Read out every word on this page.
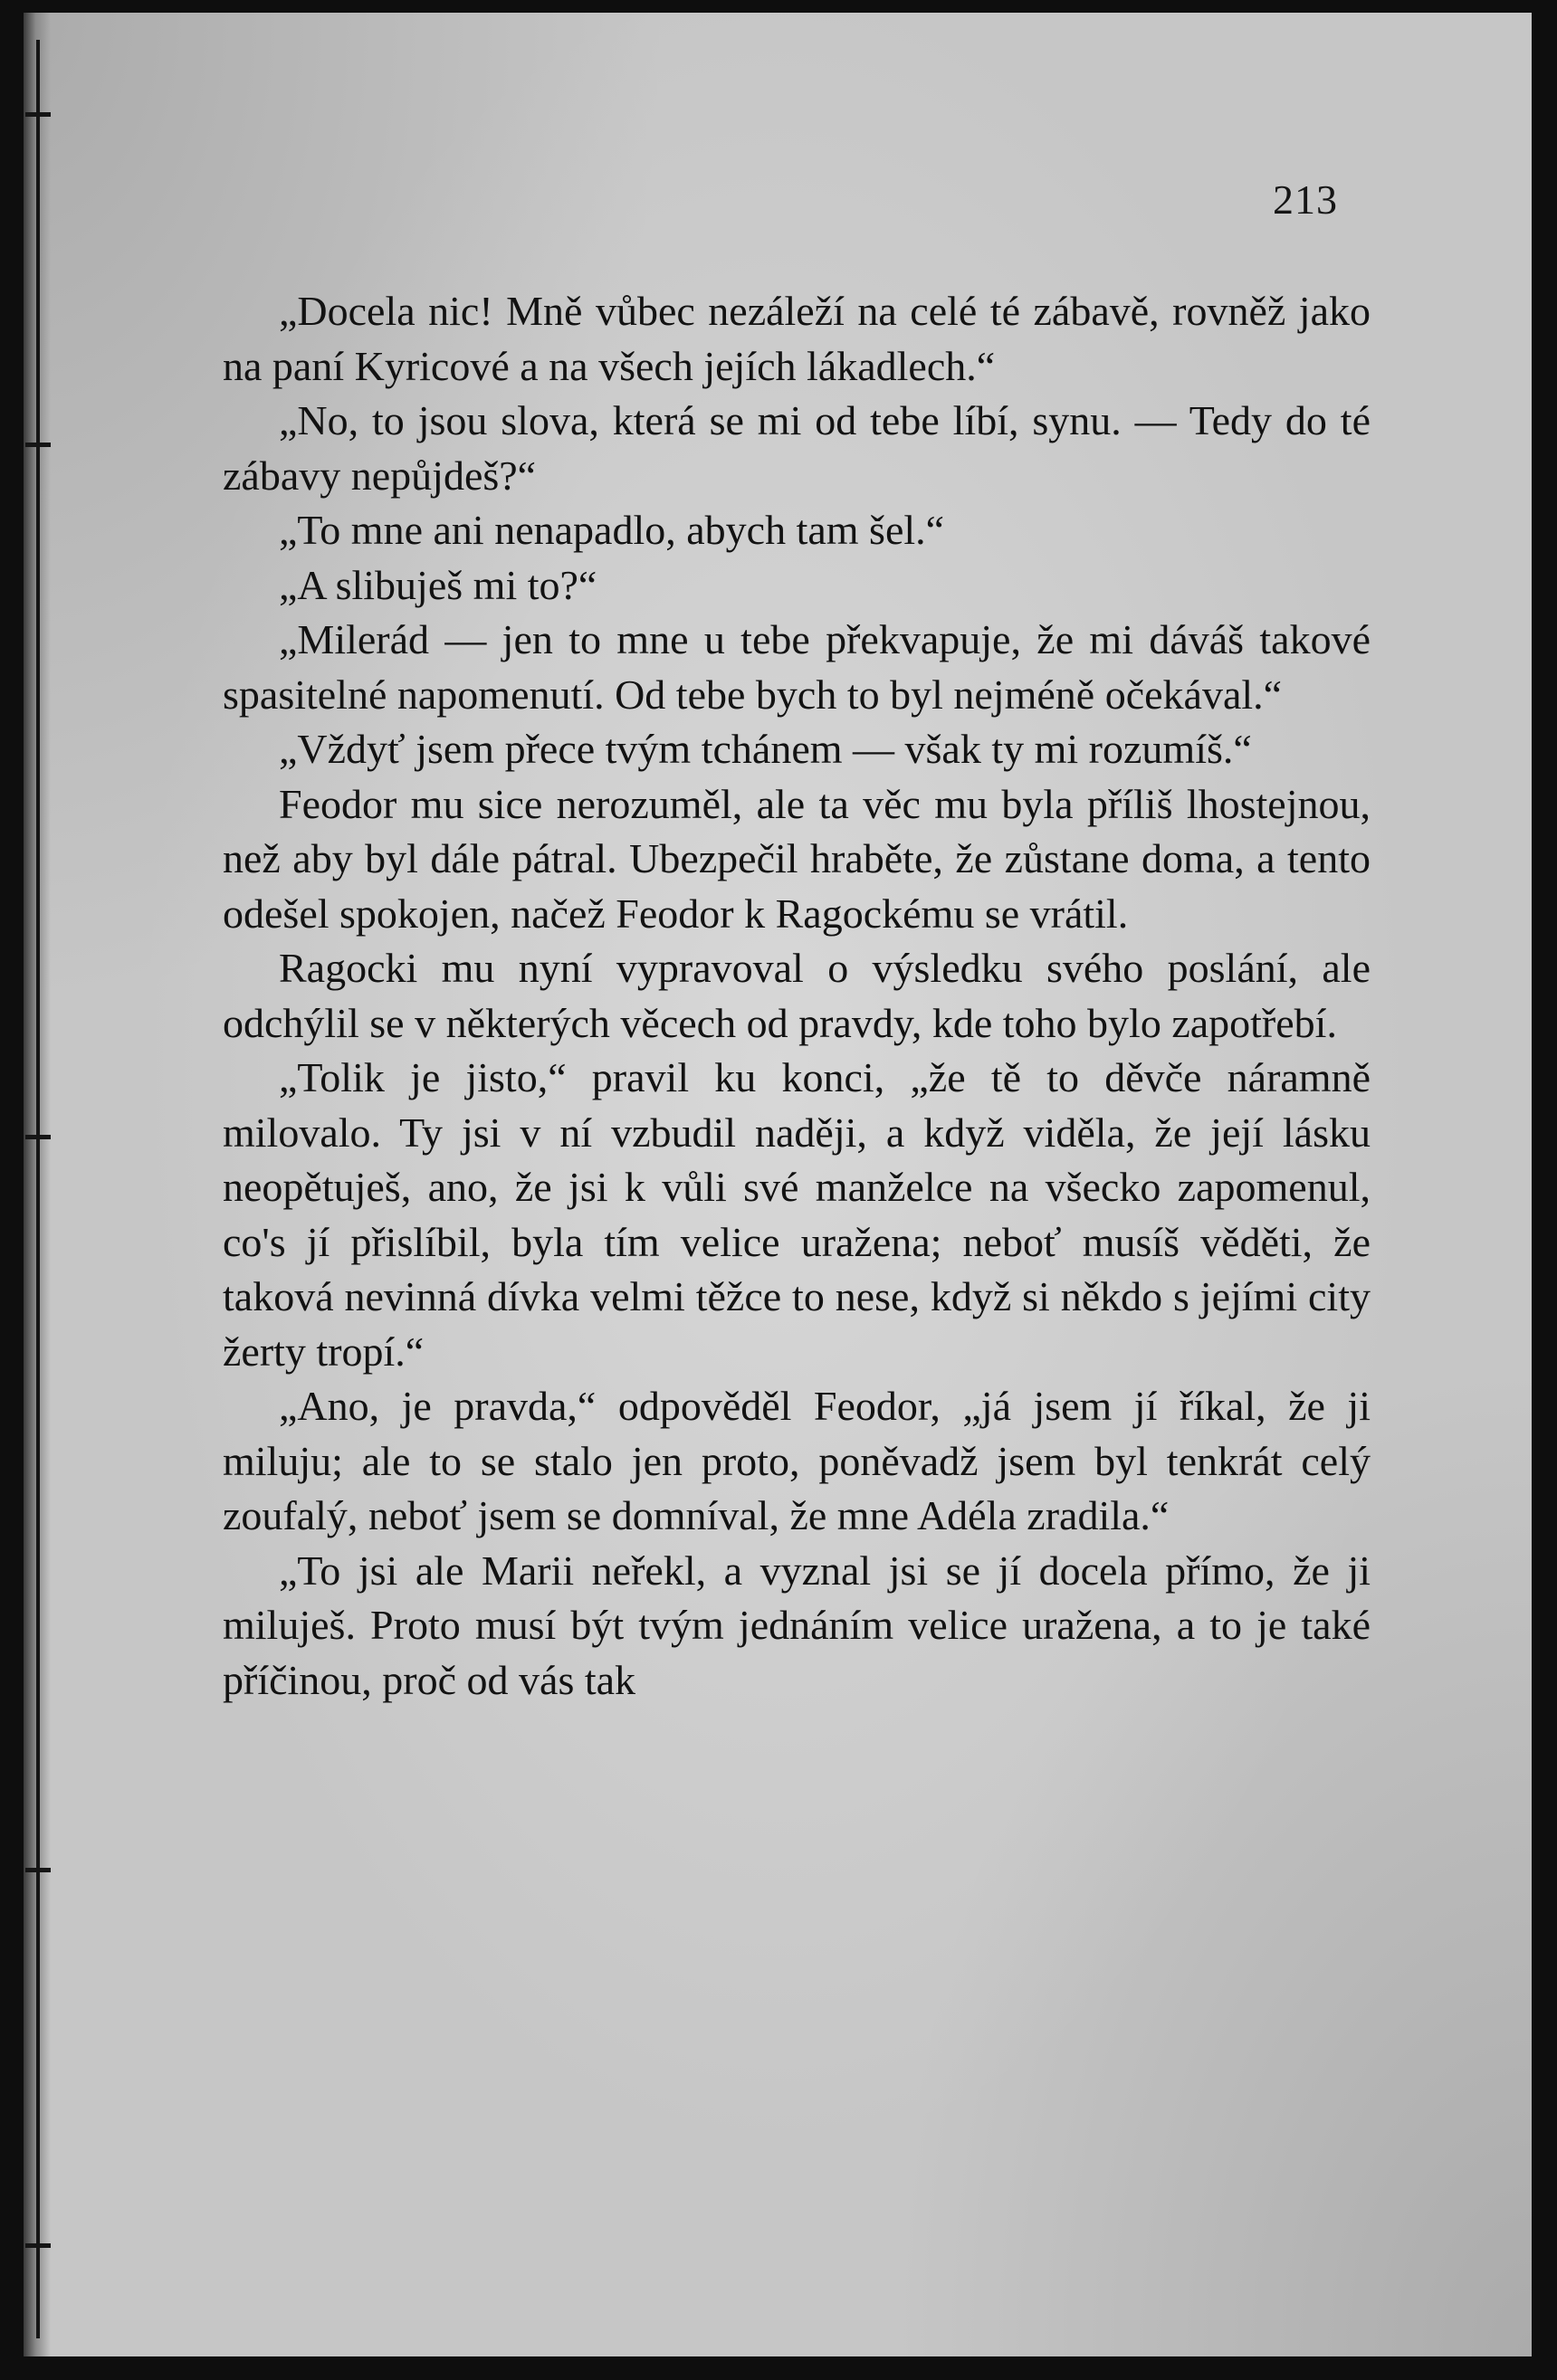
213

„Docela nic! Mně vůbec nezáleží na celé té zábavě, rovněž jako na paní Kyricové a na všech jejích lákadlech.“

„No, to jsou slova, která se mi od tebe líbí, synu. — Tedy do té zábavy nepůjdeš?“

„To mne ani nenapadlo, abych tam šel.“

„A slibuješ mi to?“

„Milerád — jen to mne u tebe překvapuje, že mi dáváš takové spasitelné napomenutí. Od tebe bych to byl nejméně očekával.“

„Vždyť jsem přece tvým tchánem — však ty mi rozumíš.“

Feodor mu sice nerozuměl, ale ta věc mu byla příliš lhostejnou, než aby byl dále pátral. Ubezpečil hraběte, že zůstane doma, a tento odešel spokojen, načež Feodor k Ragockému se vrátil.

Ragocki mu nyní vypravoval o výsledku svého poslání, ale odchýlil se v některých věcech od pravdy, kde toho bylo zapotřebí.

„Tolik je jisto,“ pravil ku konci, „že tě to děvče náramně milovalo. Ty jsi v ní vzbudil naději, a když viděla, že její lásku neopětuješ, ano, že jsi k vůli své manželce na všecko zapomenul, co's jí přislíbil, byla tím velice uražena; neboť musíš věděti, že taková nevinná dívka velmi těžce to nese, když si někdo s jejími city žerty tropí.“

„Ano, je pravda,“ odpověděl Feodor, „já jsem jí říkal, že ji miluju; ale to se stalo jen proto, poněvadž jsem byl tenkrát celý zoufalý, neboť jsem se domníval, že mne Adéla zradila.“

„To jsi ale Marii neřekl, a vyznal jsi se jí docela přímo, že ji miluješ. Proto musí být tvým jednáním velice uražena, a to je také příčinou, proč od vás tak
